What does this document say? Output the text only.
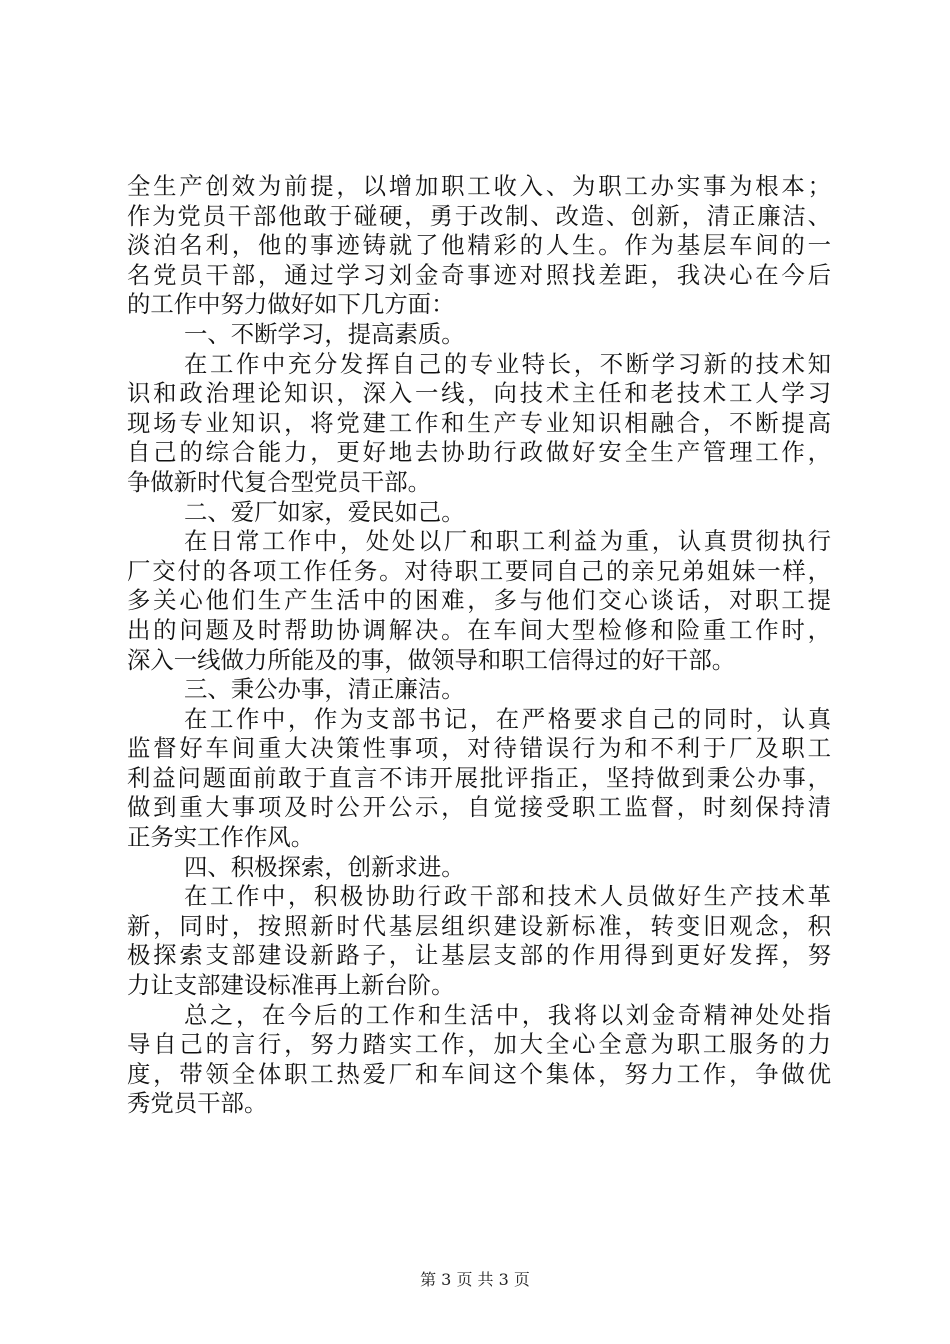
全生产创效为前提，以增加职工收入、为职工办实事为根本；
作为党员干部他敢于碰硬，勇于改制、改造、创新，清正廉洁、
淡泊名利，他的事迹铸就了他精彩的人生。作为基层车间的一
名党员干部，通过学习刘金奇事迹对照找差距，我决心在今后
的工作中努力做好如下几方面：
一、不断学习，提高素质。
在工作中充分发挥自己的专业特长，不断学习新的技术知
识和政治理论知识，深入一线，向技术主任和老技术工人学习
现场专业知识，将党建工作和生产专业知识相融合，不断提高
自己的综合能力，更好地去协助行政做好安全生产管理工作，
争做新时代复合型党员干部。
二、爱厂如家，爱民如己。
在日常工作中，处处以厂和职工利益为重，认真贯彻执行
厂交付的各项工作任务。对待职工要同自己的亲兄弟姐妹一样，
多关心他们生产生活中的困难，多与他们交心谈话，对职工提
出的问题及时帮助协调解决。在车间大型检修和险重工作时，
深入一线做力所能及的事，做领导和职工信得过的好干部。
三、秉公办事，清正廉洁。
在工作中，作为支部书记，在严格要求自己的同时，认真
监督好车间重大决策性事项，对待错误行为和不利于厂及职工
利益问题面前敢于直言不讳开展批评指正，坚持做到秉公办事，
做到重大事项及时公开公示，自觉接受职工监督，时刻保持清
正务实工作作风。
四、积极探索，创新求进。
在工作中，积极协助行政干部和技术人员做好生产技术革
新，同时，按照新时代基层组织建设新标准，转变旧观念，积
极探索支部建设新路子，让基层支部的作用得到更好发挥，努
力让支部建设标准再上新台阶。
总之，在今后的工作和生活中，我将以刘金奇精神处处指
导自己的言行，努力踏实工作，加大全心全意为职工服务的力
度，带领全体职工热爱厂和车间这个集体，努力工作，争做优
秀党员干部。
第 3 页 共 3 页
